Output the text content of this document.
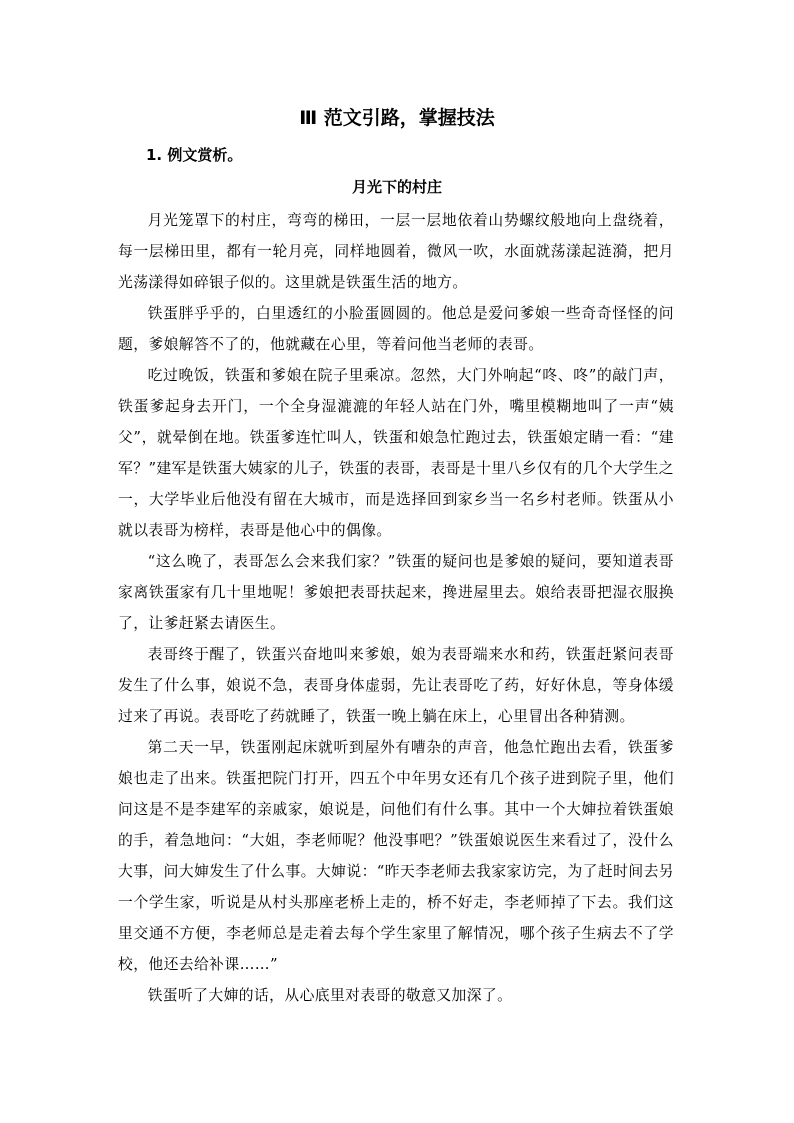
Ⅲ 范文引路，掌握技法
1. 例文赏析。
月光下的村庄

月光笼罩下的村庄，弯弯的梯田，一层一层地依着山势螺纹般地向上盘绕着，每一层梯田里，都有一轮月亮，同样地圆着，微风一吹，水面就荡漾起涟漪，把月光荡漾得如碎银子似的。这里就是铁蛋生活的地方。

铁蛋胖乎乎的，白里透红的小脸蛋圆圆的。他总是爱问爹娘一些奇奇怪怪的问题，爹娘解答不了的，他就藏在心里，等着问他当老师的表哥。

吃过晚饭，铁蛋和爹娘在院子里乘凉。忽然，大门外响起“咚、咚”的敲门声，铁蛋爹起身去开门，一个全身湿漉漉的年轻人站在门外，嘴里模糊地叫了一声“姨父”，就晕倒在地。铁蛋爹连忙叫人，铁蛋和娘急忙跑过去，铁蛋娘定睛一看：“建军？”建军是铁蛋大姨家的儿子，铁蛋的表哥，表哥是十里八乡仅有的几个大学生之一，大学毕业后他没有留在大城市，而是选择回到家乡当一名乡村老师。铁蛋从小就以表哥为榜样，表哥是他心中的偶像。

“这么晚了，表哥怎么会来我们家？”铁蛋的疑问也是爹娘的疑问，要知道表哥家离铁蛋家有几十里地呢！爹娘把表哥扶起来，搀进屋里去。娘给表哥把湿衣服换了，让爹赶紧去请医生。

表哥终于醒了，铁蛋兴奋地叫来爹娘，娘为表哥端来水和药，铁蛋赶紧问表哥发生了什么事，娘说不急，表哥身体虚弱，先让表哥吃了药，好好休息，等身体缓过来了再说。表哥吃了药就睡了，铁蛋一晚上躺在床上，心里冒出各种猜测。

第二天一早，铁蛋刚起床就听到屋外有嘈杂的声音，他急忙跑出去看，铁蛋爹娘也走了出来。铁蛋把院门打开，四五个中年男女还有几个孩子进到院子里，他们问这是不是李建军的亲戚家，娘说是，问他们有什么事。其中一个大婶拉着铁蛋娘的手，着急地问：“大姐，李老师呢？他没事吧？”铁蛋娘说医生来看过了，没什么大事，问大婶发生了什么事。大婶说：“昨天李老师去我家家访完，为了赶时间去另一个学生家，听说是从村头那座老桥上走的，桥不好走，李老师掉了下去。我们这里交通不方便，李老师总是走着去每个学生家里了解情况，哪个孩子生病去不了学校，他还去给补课……”

铁蛋听了大婶的话，从心底里对表哥的敬意又加深了。
